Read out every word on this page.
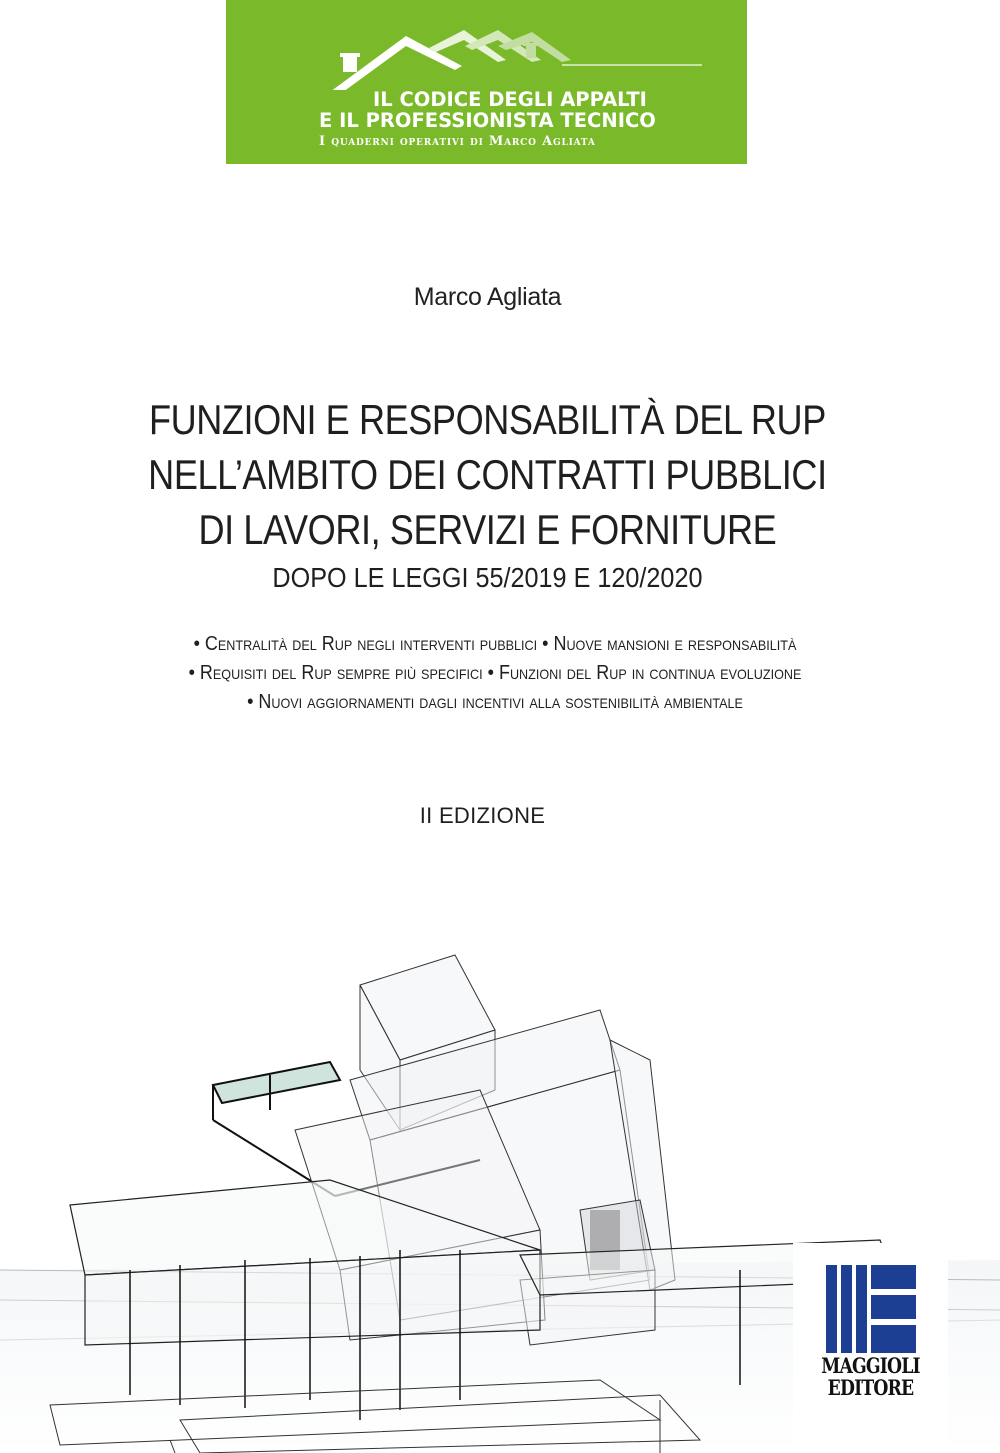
IL CODICE DEGLI APPALTI
E IL PROFESSIONISTA TECNICO
I quaderni operativi di Marco Agliata
Marco Agliata
FUNZIONI E RESPONSABILITÀ DEL RUP
NELL’AMBITO DEI CONTRATTI PUBBLICI
DI LAVORI, SERVIZI E FORNITURE
DOPO LE LEGGI 55/2019 E 120/2020
• Centralità del Rup negli interventi pubblici • Nuove mansioni e responsabilità
• Requisiti del Rup sempre più specifici • Funzioni del Rup in continua evoluzione
• Nuovi aggiornamenti dagli incentivi alla sostenibilità ambientale
II EDIZIONE
MAGGIOLI
EDITORE
